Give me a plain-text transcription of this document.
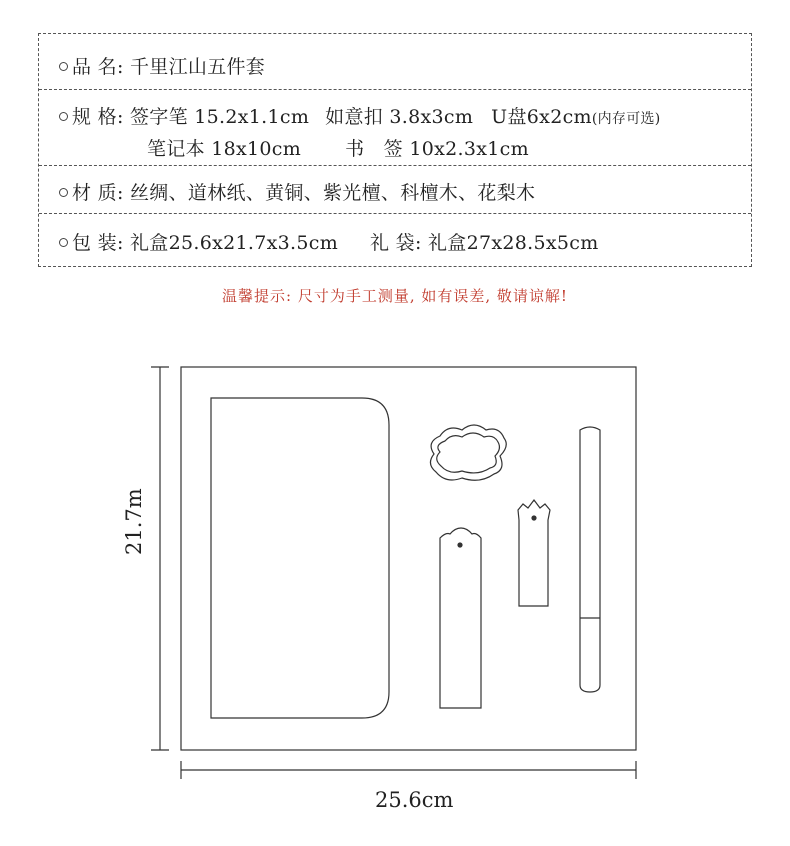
品 名: 千里江山五件套
规 格: 签字笔 15.2x1.1cm 如意扣 3.8x3cm U盘6x2cm(内存可选)
笔记本 18x10cm 书　签 10x2.3x1cm
材 质: 丝绸、道林纸、黄铜、紫光檀、科檀木、花梨木
包 装: 礼盒25.6x21.7x3.5cm 礼 袋: 礼盒27x28.5x5cm
温馨提示: 尺寸为手工测量, 如有误差, 敬请谅解!
25.6cm
21.7m
